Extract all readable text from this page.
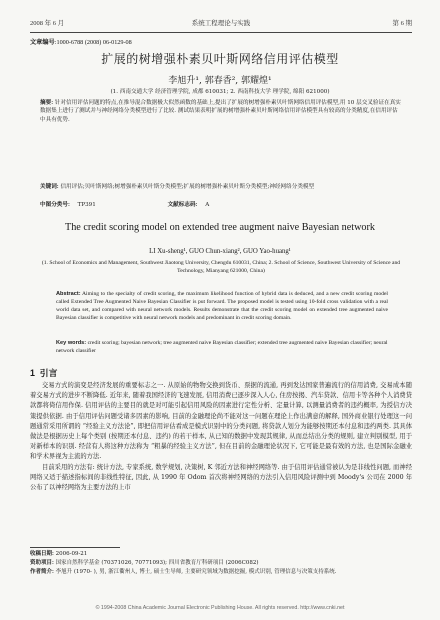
2008 年 6 月	系统工程理论与实践	第 6 期
文章编号:1000-6788 (2008) 06-0129-08
扩展的树增强朴素贝叶斯网络信用评估模型
李旭升¹, 郭春香², 郭耀煌¹
(1. 西南交通大学 经济管理学院, 成都 610031; 2. 西南科技大学 理学院, 绵阳 621000)
摘要: 针对信用评估问题的特点,在推导混合数据极大似然函数的基础上,提出了扩展的树增强朴素贝叶斯网络信用评估模型,用 10 层交叉验证在真实数据集上进行了测试并与神经网络分类模型进行了比较. 测试结果表明扩展的树增强朴素贝叶斯网络信用评估模型具有较高的分类精度,在信用评估中具有优势.
关键词: 信用评估;贝叶斯网络;树增强朴素贝叶斯分类模型;扩展的树增强朴素贝叶斯分类模型;神经网络分类模型
中图分类号: TP391	文献标志码: A
The credit scoring model on extended tree augment naive Bayesian network
LI Xu-sheng¹, GUO Chun-xiang², GUO Yao-huang¹
(1. School of Economics and Management, Southwest Jiaotong University, Chengdu 610031, China; 2. School of Science, Southwest University of Science and Technology, Mianyang 621000, China)
Abstract: Aiming to the specialty of credit scoring, the maximum likelihood function of hybrid data is deduced, and a new credit scoring model called Extended Tree Augmented Naive Bayesian Classifier is put forward. The proposed model is tested using 10-fold cross validation with a real world data set, and compared with neural network models. Results demonstrate that the credit scoring model on extended tree augmented naive Bayesian classifier is competitive with neural network models and predominant in credit scoring domain.
Key words: credit scoring; bayesian network; tree augmented naive Bayesian classifier; extended tree augmented naive Bayesian classifier; neural network classifier
1 引言

交易方式的演变是经济发展的重要标志之一. 从原始的物物交换到货币、票据的流通, 再到发达国家普遍流行的信用消费, 交易成本随着交易方式的进步不断降低. 近年来, 随着我国经济的飞速发展, 信用消费已逐步深入人心, 住房按揭、汽车贷款、信用卡等各种个人消费贷款都将倚信用作保. 信用评估的主要目的就是对可能引起信用风险的因素进行定性分析、定量计算, 以测量消费者的违约概率, 为授信方决策提供依据. 由于信用评估问题受诸多因素的影响, 目前的金融理论尚不能对这一问题在理论上作出满意的解释, 国外商业银行处理这一问题通常采用所谓的 “经验主义方法论”, 即把信用评估看成是模式识别中的分类问题, 将贷款人划分为能够按期还本付息和违约两类. 其具体做法是根据历史上每个类别 (按期还本付息、违约) 的若干样本, 从已知的数据中发现其规律, 从而总结出分类的规则, 建立判别模型, 用于对新样本的识别. 经营有人将这种方法称为 “粗暴的经验主义方法”, 但在目前的金融理论状况下, 它可能是最有效的方法, 也是国际金融业和学术界视为主流的方法.

目前采用的方法有: 统计方法, 专家系统, 数学规划, 决策树, K 邻近方法和神经网络等. 由于信用评估通常被认为是非线性问题, 而神经网络又适于描述指标间的非线性特征, 因此, 从 1990 年 Odom 首次将神经网络的方法引入信用风险评测中到 Moody's 公司在 2000 年公布了以神经网络为主要方法的上市

收稿日期: 2006-09-21
资助项目: 国家自然科学基金 (70371026, 70771093); 四川省教育厅科研项目 (2006C082)
作者简介: 李旭升 (1970- ), 男, 浙江衢州人, 博士, 硕士生导师, 主要研究领域为数据挖掘, 模式识别, 管理信息与决策支持系统.
© 1994-2008 China Academic Journal Electronic Publishing House. All rights reserved. http://www.cnki.net
